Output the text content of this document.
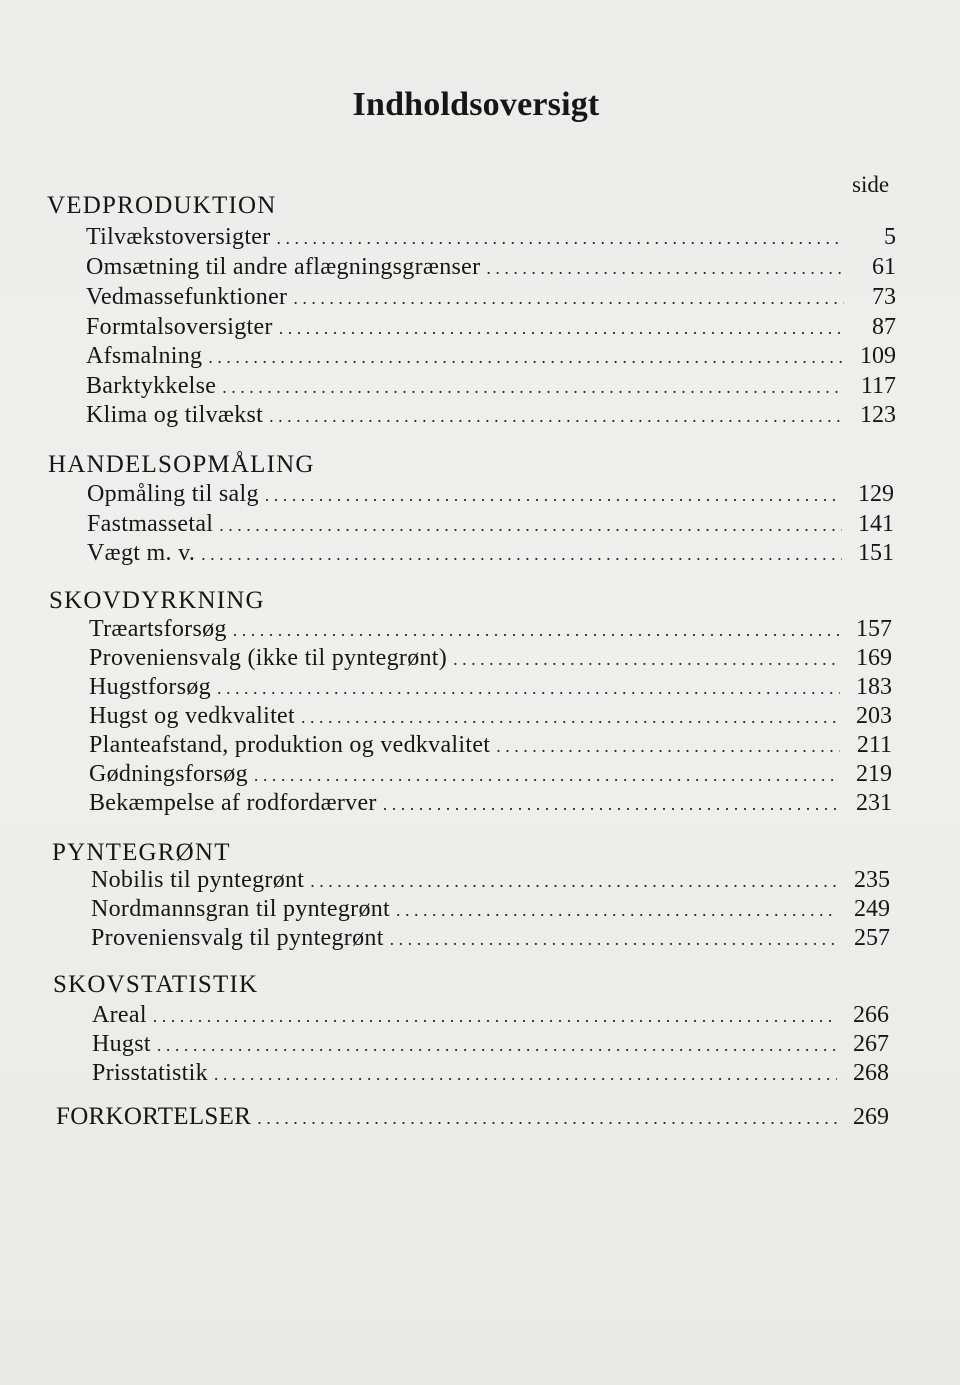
Indholdsoversigt
side
VEDPRODUKTION
Tilvækstoversigter . . .	5
Omsætning til andre aflægningsgrænser . . .	61
Vedmassefunktioner . . .	73
Formtalsoversigter . . .	87
Afsmalning . . .	109
Barktykkelse . . .	117
Klima og tilvækst . . .	123
HANDELSOPMÅLING
Opmåling til salg . . .	129
Fastmassetal . . .	141
Vægt m. v. . . .	151
SKOVDYRKNING
Træartsforsøg . . .	157
Proveniensvalg (ikke til pyntegrønt) . . .	169
Hugstforsøg . . .	183
Hugst og vedkvalitet . . .	203
Planteafstand, produktion og vedkvalitet . . .	211
Gødningsforsøg . . .	219
Bekæmpelse af rodfordærver . . .	231
PYNTEGRØNT
Nobilis til pyntegrønt . . .	235
Nordmannsgran til pyntegrønt . . .	249
Proveniensvalg til pyntegrønt . . .	257
SKOVSTATISTIK
Areal . . .	266
Hugst . . .	267
Prisstatistik . . .	268
FORKORTELSER . . .	269
